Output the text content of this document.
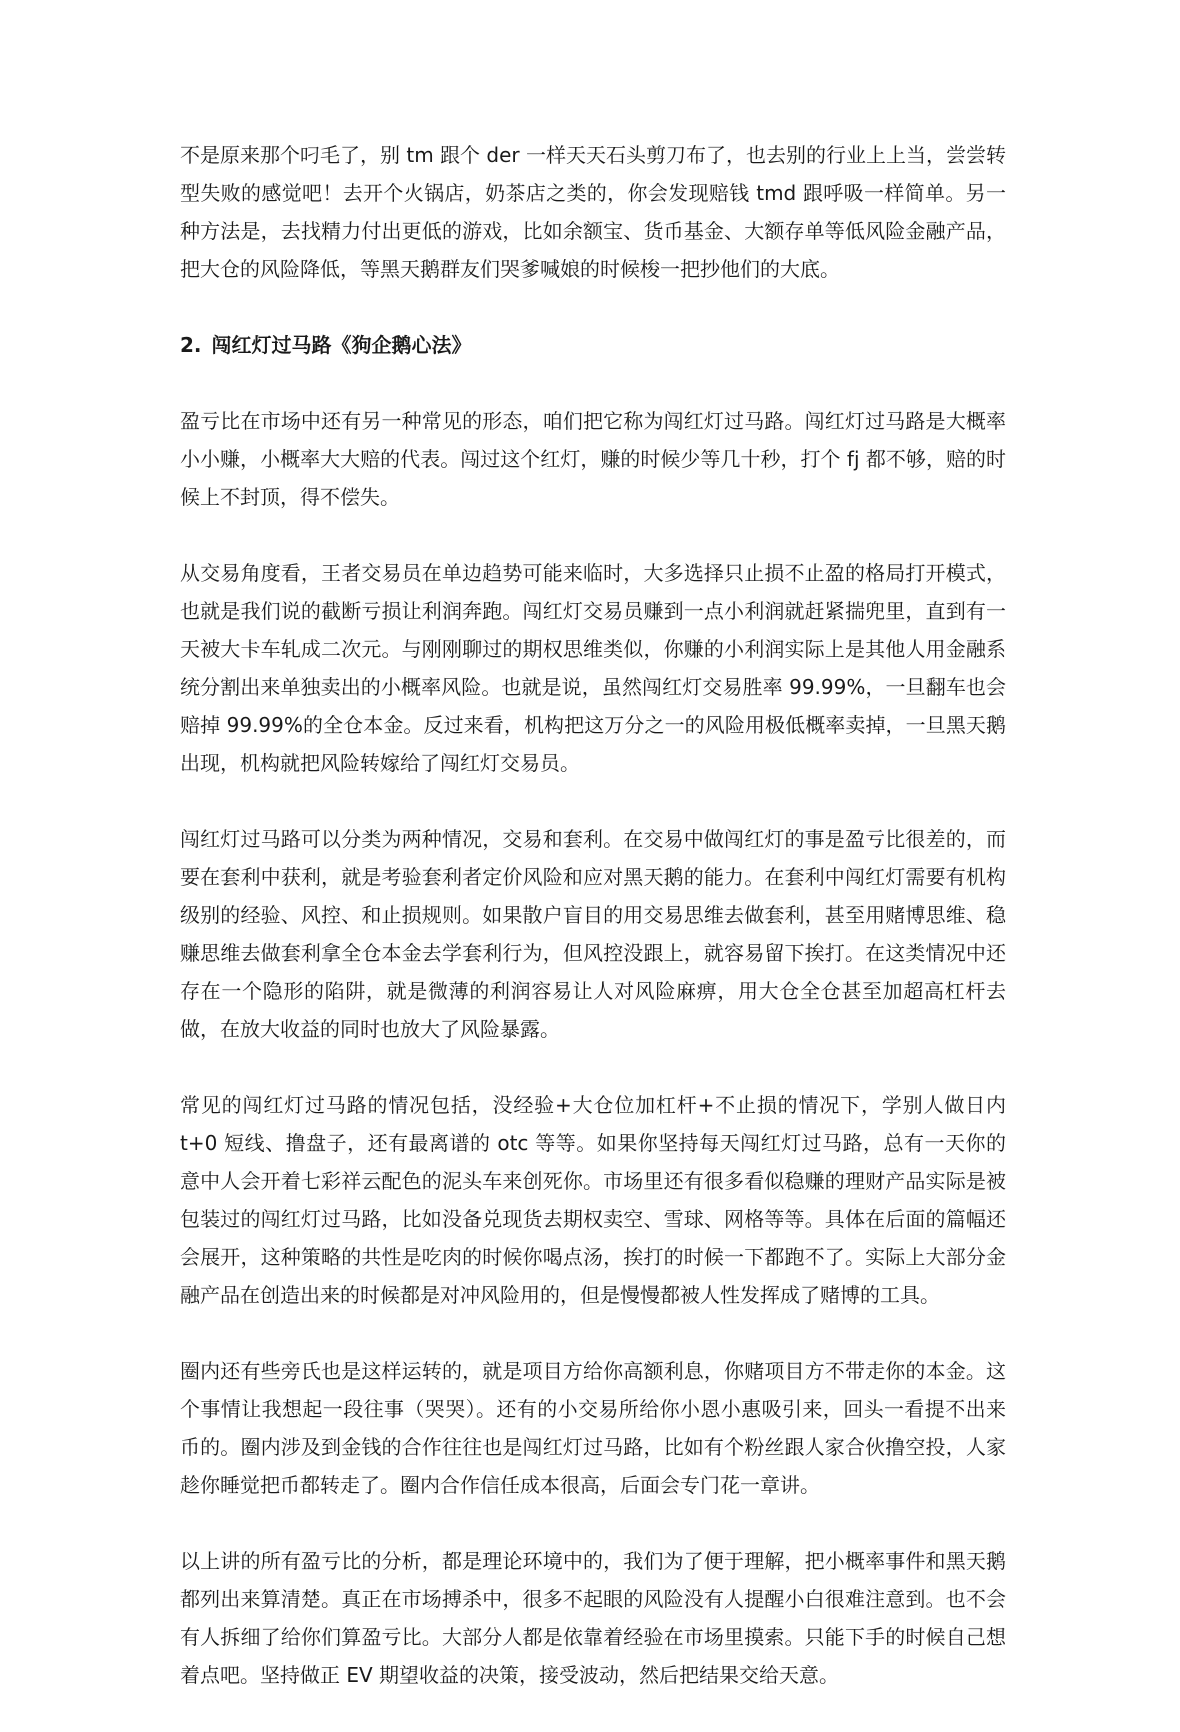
不是原来那个叼毛了，别 tm 跟个 der 一样天天石头剪刀布了，也去别的行业上上当，尝尝转型失败的感觉吧！去开个火锅店，奶茶店之类的，你会发现赔钱 tmd 跟呼吸一样简单。另一种方法是，去找精力付出更低的游戏，比如余额宝、货币基金、大额存单等低风险金融产品，把大仓的风险降低，等黑天鹅群友们哭爹喊娘的时候梭一把抄他们的大底。

2. 闯红灯过马路《狗企鹅心法》

盈亏比在市场中还有另一种常见的形态，咱们把它称为闯红灯过马路。闯红灯过马路是大概率小小赚，小概率大大赔的代表。闯过这个红灯，赚的时候少等几十秒，打个 fj 都不够，赔的时候上不封顶，得不偿失。

从交易角度看，王者交易员在单边趋势可能来临时，大多选择只止损不止盈的格局打开模式，也就是我们说的截断亏损让利润奔跑。闯红灯交易员赚到一点小利润就赶紧揣兜里，直到有一天被大卡车轧成二次元。与刚刚聊过的期权思维类似，你赚的小利润实际上是其他人用金融系统分割出来单独卖出的小概率风险。也就是说，虽然闯红灯交易胜率 99.99%，一旦翻车也会赔掉 99.99%的全仓本金。反过来看，机构把这万分之一的风险用极低概率卖掉，一旦黑天鹅出现，机构就把风险转嫁给了闯红灯交易员。

闯红灯过马路可以分类为两种情况，交易和套利。在交易中做闯红灯的事是盈亏比很差的，而要在套利中获利，就是考验套利者定价风险和应对黑天鹅的能力。在套利中闯红灯需要有机构级别的经验、风控、和止损规则。如果散户盲目的用交易思维去做套利，甚至用赌博思维、稳赚思维去做套利拿全仓本金去学套利行为，但风控没跟上，就容易留下挨打。在这类情况中还存在一个隐形的陷阱，就是微薄的利润容易让人对风险麻痹，用大仓全仓甚至加超高杠杆去做，在放大收益的同时也放大了风险暴露。

常见的闯红灯过马路的情况包括，没经验+大仓位加杠杆+不止损的情况下，学别人做日内 t+0 短线、撸盘子，还有最离谱的 otc 等等。如果你坚持每天闯红灯过马路，总有一天你的意中人会开着七彩祥云配色的泥头车来创死你。市场里还有很多看似稳赚的理财产品实际是被包装过的闯红灯过马路，比如没备兑现货去期权卖空、雪球、网格等等。具体在后面的篇幅还会展开，这种策略的共性是吃肉的时候你喝点汤，挨打的时候一下都跑不了。实际上大部分金融产品在创造出来的时候都是对冲风险用的，但是慢慢都被人性发挥成了赌博的工具。

圈内还有些旁氏也是这样运转的，就是项目方给你高额利息，你赌项目方不带走你的本金。这个事情让我想起一段往事（哭哭）。还有的小交易所给你小恩小惠吸引来，回头一看提不出来币的。圈内涉及到金钱的合作往往也是闯红灯过马路，比如有个粉丝跟人家合伙撸空投，人家趁你睡觉把币都转走了。圈内合作信任成本很高，后面会专门花一章讲。

以上讲的所有盈亏比的分析，都是理论环境中的，我们为了便于理解，把小概率事件和黑天鹅都列出来算清楚。真正在市场搏杀中，很多不起眼的风险没有人提醒小白很难注意到。也不会有人拆细了给你们算盈亏比。大部分人都是依靠着经验在市场里摸索。只能下手的时候自己想着点吧。坚持做正 EV 期望收益的决策，接受波动，然后把结果交给天意。
